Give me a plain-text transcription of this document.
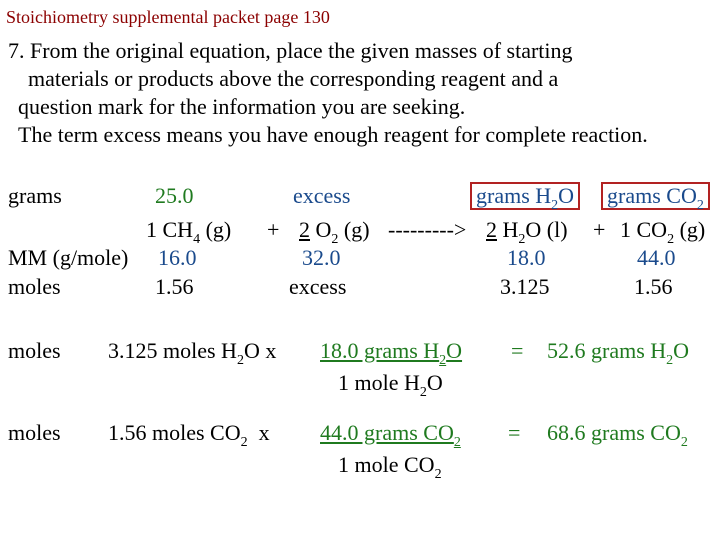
Stoichiometry supplemental packet page 130
7. From the original equation, place the given masses of starting
materials or products above the corresponding reagent and a
question mark for the information you are seeking.
The term excess means you have enough reagent for complete reaction.
grams	25.0	excess	grams $H_2O$ grams $CO_2$
1 $CH_4$ (g) + 2 $O_2$ (g) ---------> 2 $H_2O$ (l) + 1 $CO_2$ (g)
MM (g/mole) 16.0	32.0	18.0	44.0
moles	1.56	excess	3.125	1.56
moles 3.125 moles $H_2O$ x 18.0 grams $H_2O$
1 mole $H_2O$
= 52.6 grams $H_2O$
moles 1.56 moles $CO_2$  x 44.0 grams $CO_2$
1 mole $CO_2$
= 68.6 grams $CO_2$
